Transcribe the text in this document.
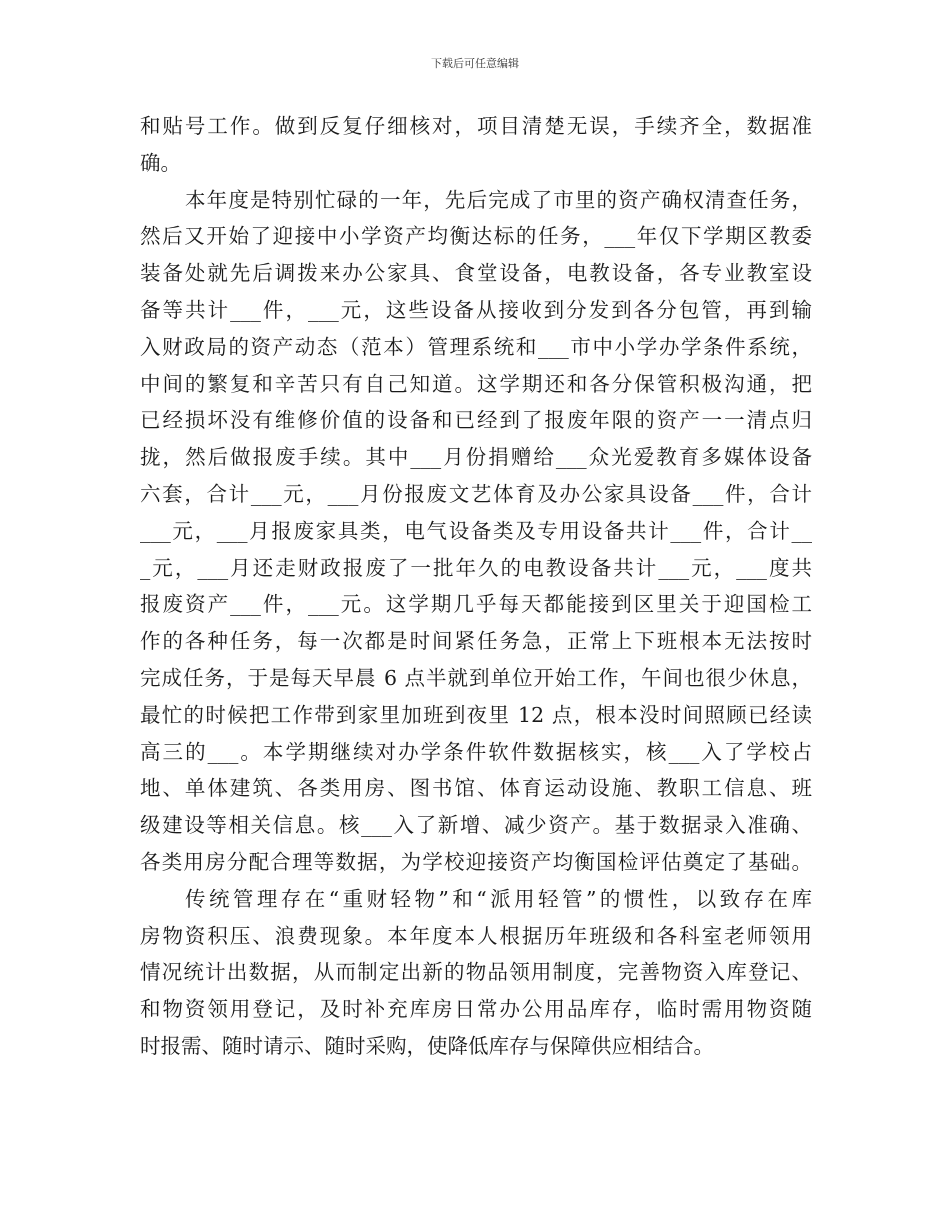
下载后可任意编辑
和贴号工作。做到反复仔细核对，项目清楚无误，手续齐全，数据准
确。
本年度是特别忙碌的一年，先后完成了市里的资产确权清查任务，
然后又开始了迎接中小学资产均衡达标的任务，___年仅下学期区教委
装备处就先后调拨来办公家具、食堂设备，电教设备，各专业教室设
备等共计___件，___元，这些设备从接收到分发到各分包管，再到输
入财政局的资产动态（范本）管理系统和___市中小学办学条件系统，
中间的繁复和辛苦只有自己知道。这学期还和各分保管积极沟通，把
已经损坏没有维修价值的设备和已经到了报废年限的资产一一清点归
拢，然后做报废手续。其中___月份捐赠给___众光爱教育多媒体设备
六套，合计___元，___月份报废文艺体育及办公家具设备___件，合计
___元，___月报废家具类，电气设备类及专用设备共计___件，合计__
_元，___月还走财政报废了一批年久的电教设备共计___元，___度共
报废资产___件，___元。这学期几乎每天都能接到区里关于迎国检工
作的各种任务，每一次都是时间紧任务急，正常上下班根本无法按时
完成任务，于是每天早晨 6 点半就到单位开始工作，午间也很少休息，
最忙的时候把工作带到家里加班到夜里 12 点，根本没时间照顾已经读
高三的___。本学期继续对办学条件软件数据核实，核___入了学校占
地、单体建筑、各类用房、图书馆、体育运动设施、教职工信息、班
级建设等相关信息。核___入了新增、减少资产。基于数据录入准确、
各类用房分配合理等数据，为学校迎接资产均衡国检评估奠定了基础。
传统管理存在“重财轻物”和“派用轻管”的惯性，以致存在库
房物资积压、浪费现象。本年度本人根据历年班级和各科室老师领用
情况统计出数据，从而制定出新的物品领用制度，完善物资入库登记、
和物资领用登记，及时补充库房日常办公用品库存，临时需用物资随
时报需、随时请示、随时采购，使降低库存与保障供应相结合。
